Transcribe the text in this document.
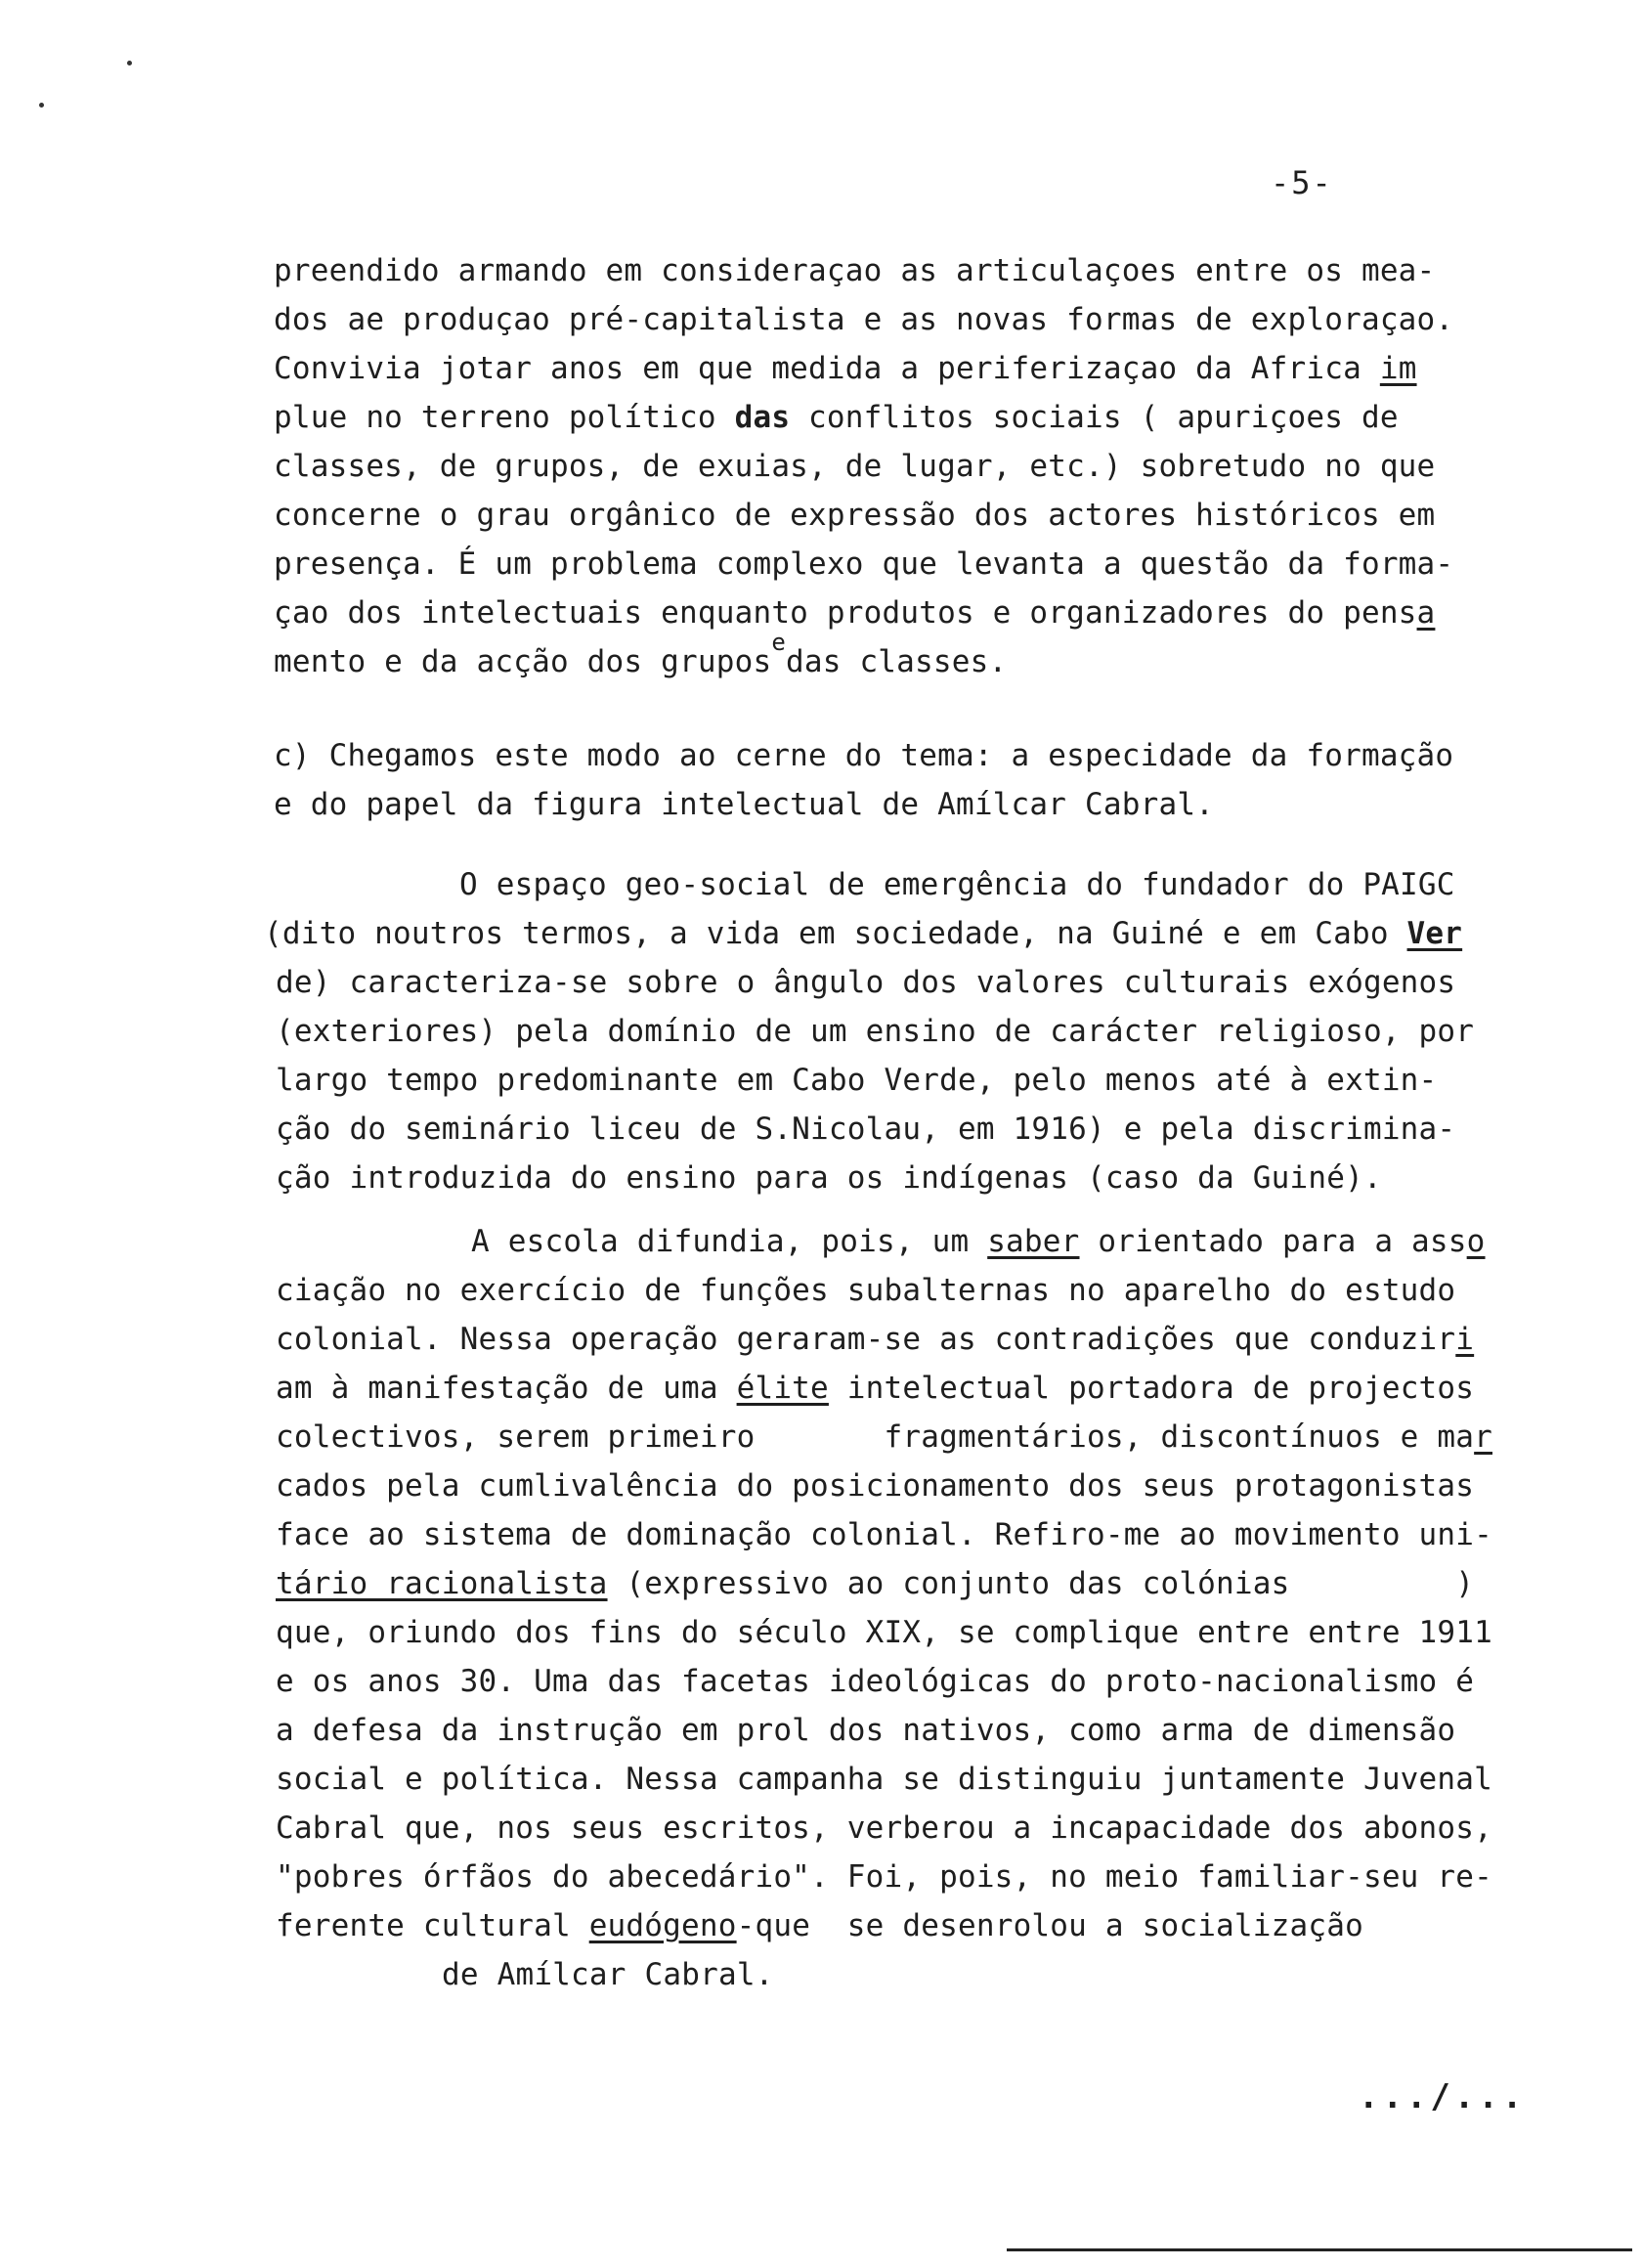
-5-
preendido armando em consideraçao as articulaçoes entre os mea-
dos ae produçao pré-capitalista e as novas formas de exploraçao.
Convivia jotar anos em que medida a periferizaçao da Africa im
plue no terreno político das conflitos sociais ( apuriçoes de
classes, de grupos, de exuias, de lugar, etc.) sobretudo no que
concerne o grau orgânico de expressão dos actores históricos em
presença. É um problema complexo que levanta a questão da forma-
çao dos intelectuais enquanto produtos e organizadores do pensa
mento e da acção dos grupos$^e$das classes.
c) Chegamos este modo ao cerne do tema: a especidade da formação
e do papel da figura intelectual de Amílcar Cabral.
O espaço geo-social de emergência do fundador do PAIGC
(dito noutros termos, a vida em sociedade, na Guiné e em Cabo Ver
de) caracteriza-se sobre o ângulo dos valores culturais exógenos
(exteriores) pela domínio de um ensino de carácter religioso, por
largo tempo predominante em Cabo Verde, pelo menos até à extin-
ção do seminário liceu de S.Nicolau, em 1916) e pela discrimina-
ção introduzida do ensino para os indígenas (caso da Guiné).
A escola difundia, pois, um saber orientado para a asso
ciação no exercício de funções subalternas no aparelho do estudo
colonial. Nessa operação geraram-se as contradições que conduziri
am à manifestação de uma élite intelectual portadora de projectos
colectivos, serem primeiro       fragmentários, discontínuos e mar
cados pela cumlivalência do posicionamento dos seus protagonistas
face ao sistema de dominação colonial. Refiro-me ao movimento uni-
tário racionalista (expressivo ao conjunto das colónias         )
que, oriundo dos fins do século XIX, se complique entre entre 1911
e os anos 30. Uma das facetas ideológicas do proto-nacionalismo é
a defesa da instrução em prol dos nativos, como arma de dimensão
social e política. Nessa campanha se distinguiu juntamente Juvenal
Cabral que, nos seus escritos, verberou a incapacidade dos abonos,
"pobres órfãos do abecedário". Foi, pois, no meio familiar-seu re-
ferente cultural eudógeno-que  se desenrolou a socialização
de Amílcar Cabral.
.../...
